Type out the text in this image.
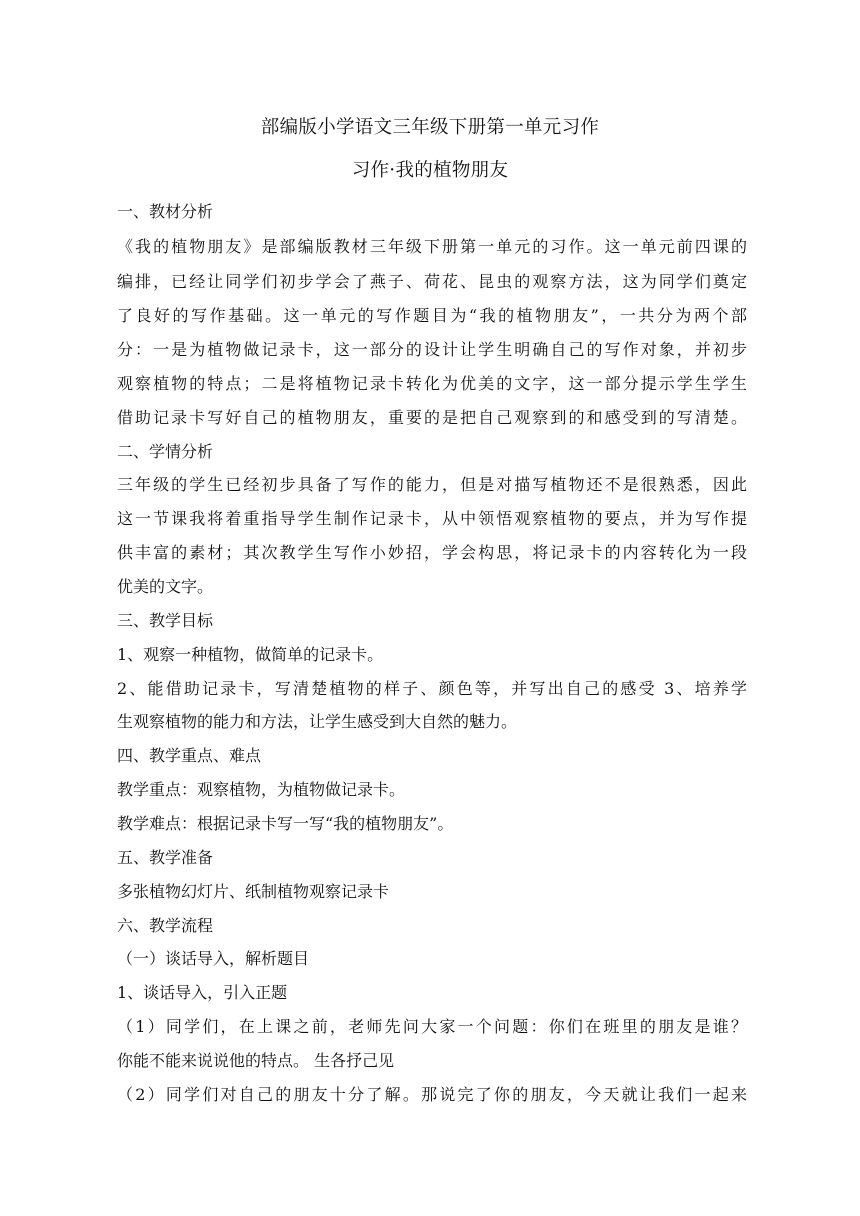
部编版小学语文三年级下册第一单元习作
习作·我的植物朋友
一、教材分析
《我的植物朋友》是部编版教材三年级下册第一单元的习作。这一单元前四课的
编排，已经让同学们初步学会了燕子、荷花、昆虫的观察方法，这为同学们奠定
了良好的写作基础。这一单元的写作题目为“我的植物朋友”，一共分为两个部
分：一是为植物做记录卡，这一部分的设计让学生明确自己的写作对象，并初步
观察植物的特点；二是将植物记录卡转化为优美的文字，这一部分提示学生学生
借助记录卡写好自己的植物朋友，重要的是把自己观察到的和感受到的写清楚。
二、学情分析
三年级的学生已经初步具备了写作的能力，但是对描写植物还不是很熟悉，因此
这一节课我将着重指导学生制作记录卡，从中领悟观察植物的要点，并为写作提
供丰富的素材；其次教学生写作小妙招，学会构思，将记录卡的内容转化为一段
优美的文字。
三、教学目标
1、观察一种植物，做简单的记录卡。
2、能借助记录卡，写清楚植物的样子、颜色等，并写出自己的感受 3、培养学
生观察植物的能力和方法，让学生感受到大自然的魅力。
四、教学重点、难点
教学重点：观察植物，为植物做记录卡。
教学难点：根据记录卡写一写“我的植物朋友”。
五、教学准备
多张植物幻灯片、纸制植物观察记录卡
六、教学流程
（一）谈话导入，解析题目
1、谈话导入，引入正题
（1）同学们，在上课之前，老师先问大家一个问题：你们在班里的朋友是谁？
你能不能来说说他的特点。 生各抒己见
（2）同学们对自己的朋友十分了解。那说完了你的朋友，今天就让我们一起来
